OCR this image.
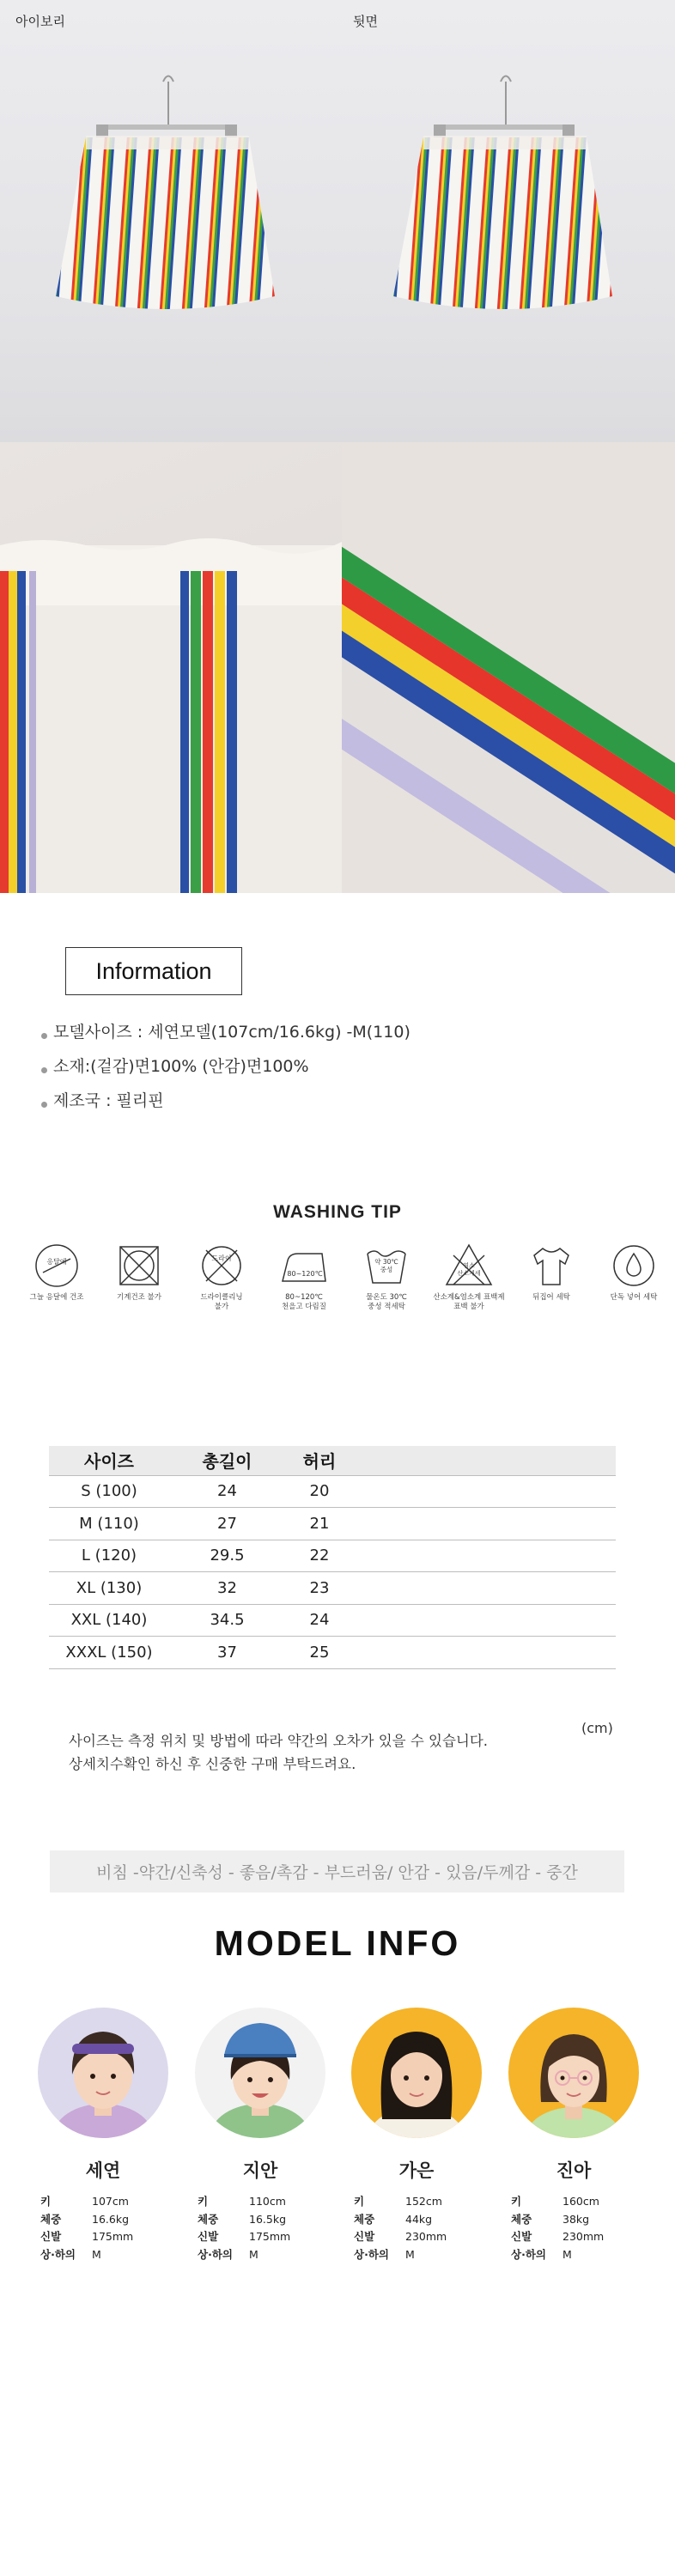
아이보리	뒷면
Information
모델사이즈 : 세연모델(107cm/16.6kg) -M(110)
소재:(겉감)면100% (안감)면100%
제조국 : 필리핀
WASHING TIP
응달에
그늘 응달에 건조	기계건조 불가
드라이
드라이클리닝
불가
80~120℃
80~120℃
천을고 다림질
약 30℃ 중성
물온도 30℃
중성 적세탁
염소 산소계세
산소계&염소계 표백제
표백 불가
뒤집어 세탁	단독 넣어 세탁
사이즈	총길이	허리	
S (100)	24	20	
M (110)	27	21	
L (120)	29.5	22	
XL (130)	32	23	
XXL (140)	34.5	24	
XXXL (150)	37	25	
(cm)
사이즈는 측정 위치 및 방법에 따라 약간의 오차가 있을 수 있습니다.
상세치수확인 하신 후 신중한 구매 부탁드려요.
비침 -약간/신축성 - 좋음/촉감 - 부드러움/ 안감 - 있음/두께감 - 중간
MODEL INFO
세연
키	107cm
체중	16.6kg
신발	175mm
상·하의	M
지안
키	110cm
체중	16.5kg
신발	175mm
상·하의	M
가은
키	152cm
체중	44kg
신발	230mm
상·하의	M
진아
키	160cm
체중	38kg
신발	230mm
상·하의	M
